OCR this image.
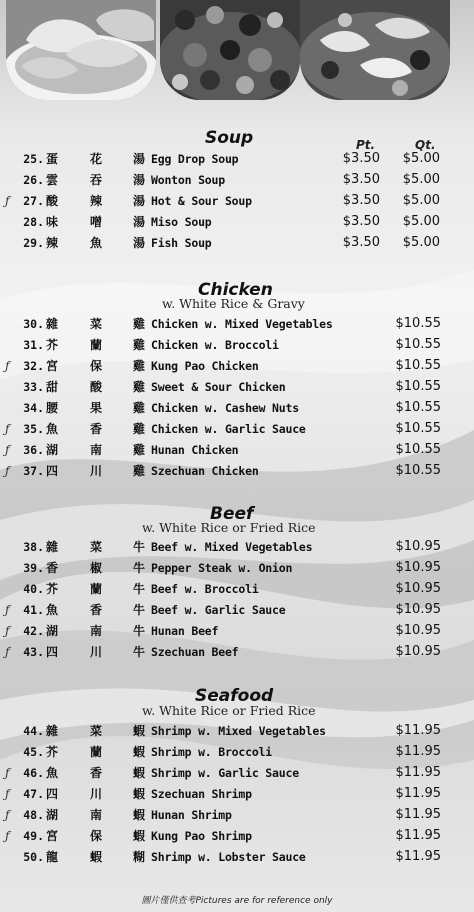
Soup	Pt.	Qt.
25. 蛋	花	湯 Egg Drop Soup	$3.50 $5.00
26. 雲	吞	湯 Wonton Soup	$3.50 $5.00
ƒ	27. 酸	辣	湯 Hot & Sour Soup	$3.50 $5.00
28. 味	噌	湯 Miso Soup	$3.50 $5.00
29. 辣	魚	湯 Fish Soup	$3.50 $5.00
Chicken
w. White Rice & Gravy
30. 雜	菜	雞 Chicken w. Mixed Vegetables	$10.55
31. 芥	蘭	雞 Chicken w. Broccoli	$10.55
ƒ	32. 宮	保	雞 Kung Pao Chicken	$10.55
33. 甜	酸	雞 Sweet & Sour Chicken	$10.55
34. 腰	果	雞 Chicken w. Cashew Nuts	$10.55
ƒ	35. 魚	香	雞 Chicken w. Garlic Sauce	$10.55
ƒ	36. 湖	南	雞 Hunan Chicken	$10.55
ƒ	37. 四	川	雞 Szechuan Chicken	$10.55
Beef
w. White Rice or Fried Rice
38. 雜	菜	牛 Beef w. Mixed Vegetables	$10.95
39. 香	椒	牛 Pepper Steak w. Onion	$10.95
40. 芥	蘭	牛 Beef w. Broccoli	$10.95
ƒ	41. 魚	香	牛 Beef w. Garlic Sauce	$10.95
ƒ	42. 湖	南	牛 Hunan Beef	$10.95
ƒ	43. 四	川	牛 Szechuan Beef	$10.95
Seafood
w. White Rice or Fried Rice
44. 雜	菜	蝦 Shrimp w. Mixed Vegetables	$11.95
45. 芥	蘭	蝦 Shrimp w. Broccoli	$11.95
ƒ	46. 魚	香	蝦 Shrimp w. Garlic Sauce	$11.95
ƒ	47. 四	川	蝦 Szechuan Shrimp	$11.95
ƒ	48. 湖	南	蝦 Hunan Shrimp	$11.95
ƒ	49. 宮	保	蝦 Kung Pao Shrimp	$11.95
50. 龍	蝦	糊 Shrimp w. Lobster Sauce	$11.95
圖片僅供查考Pictures are for reference only
